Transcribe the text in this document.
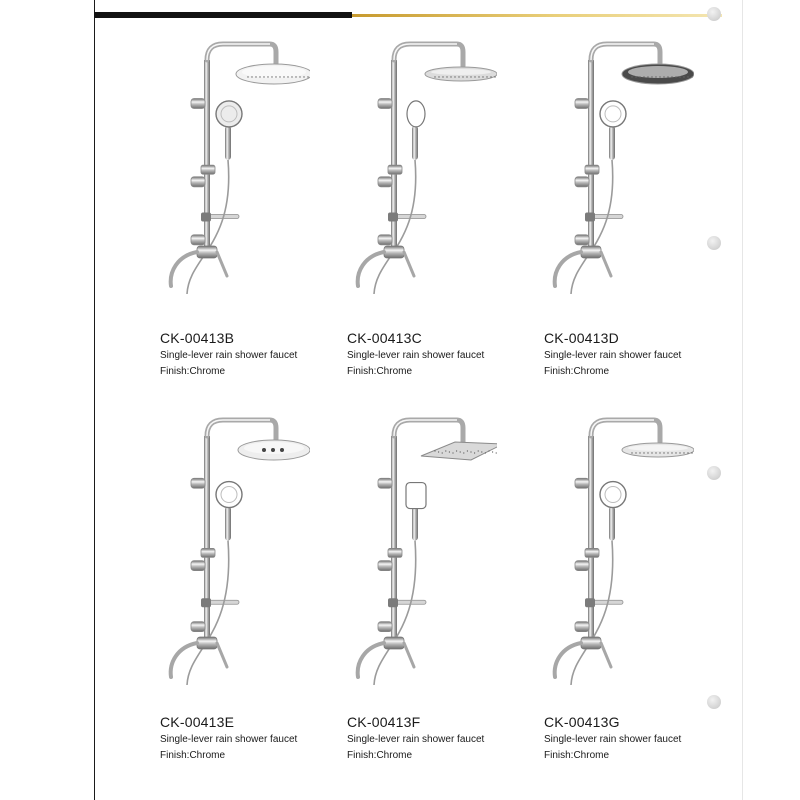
CK-00413B
Single-lever rain shower faucet
Finish:Chrome
CK-00413C
Single-lever rain shower faucet
Finish:Chrome
CK-00413D
Single-lever rain shower faucet
Finish:Chrome
CK-00413E
Single-lever rain shower faucet
Finish:Chrome
CK-00413F
Single-lever rain shower faucet
Finish:Chrome
CK-00413G
Single-lever rain shower faucet
Finish:Chrome
